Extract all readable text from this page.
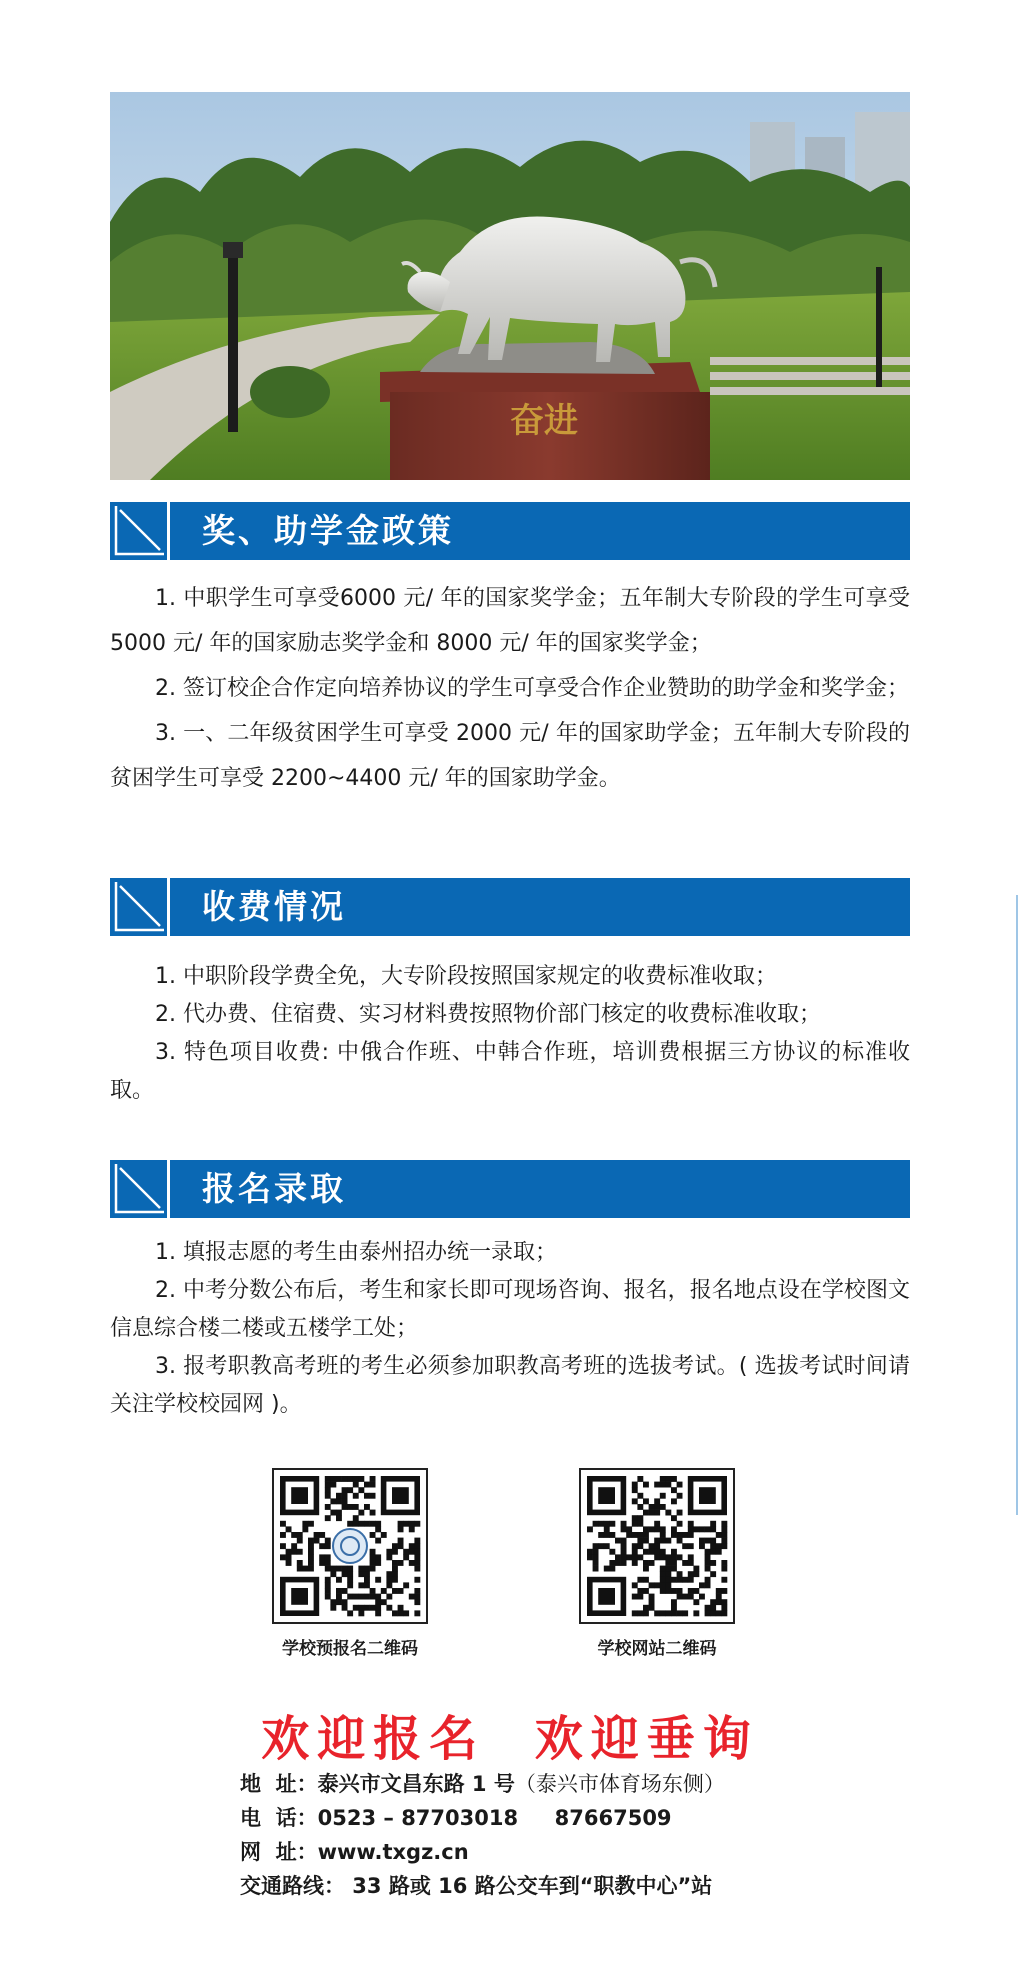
奋进
奖、助学金政策

1. 中职学生可享受6000 元/ 年的国家奖学金；五年制大专阶段的学生可享受 5000 元/ 年的国家励志奖学金和 8000 元/ 年的国家奖学金；

2. 签订校企合作定向培养协议的学生可享受合作企业赞助的助学金和奖学金；

3. 一、二年级贫困学生可享受 2000 元/ 年的国家助学金；五年制大专阶段的贫困学生可享受 2200~4400 元/ 年的国家助学金。

收费情况

1. 中职阶段学费全免，大专阶段按照国家规定的收费标准收取；

2. 代办费、住宿费、实习材料费按照物价部门核定的收费标准收取；

3. 特色项目收费: 中俄合作班、中韩合作班，培训费根据三方协议的标准收取。

报名录取

1. 填报志愿的考生由泰州招办统一录取；

2. 中考分数公布后，考生和家长即可现场咨询、报名，报名地点设在学校图文信息综合楼二楼或五楼学工处；

3. 报考职教高考班的考生必须参加职教高考班的选拔考试。( 选拔考试时间请关注学校校园网 )。

学校预报名二维码	学校网站二维码
欢迎报名  欢迎垂询
地  址：泰兴市文昌东路 1 号（泰兴市体育场东侧）
电  话：0523 – 87703018     87667509
网  址：www.txgz.cn
交通路线： 33 路或 16 路公交车到“职教中心”站
